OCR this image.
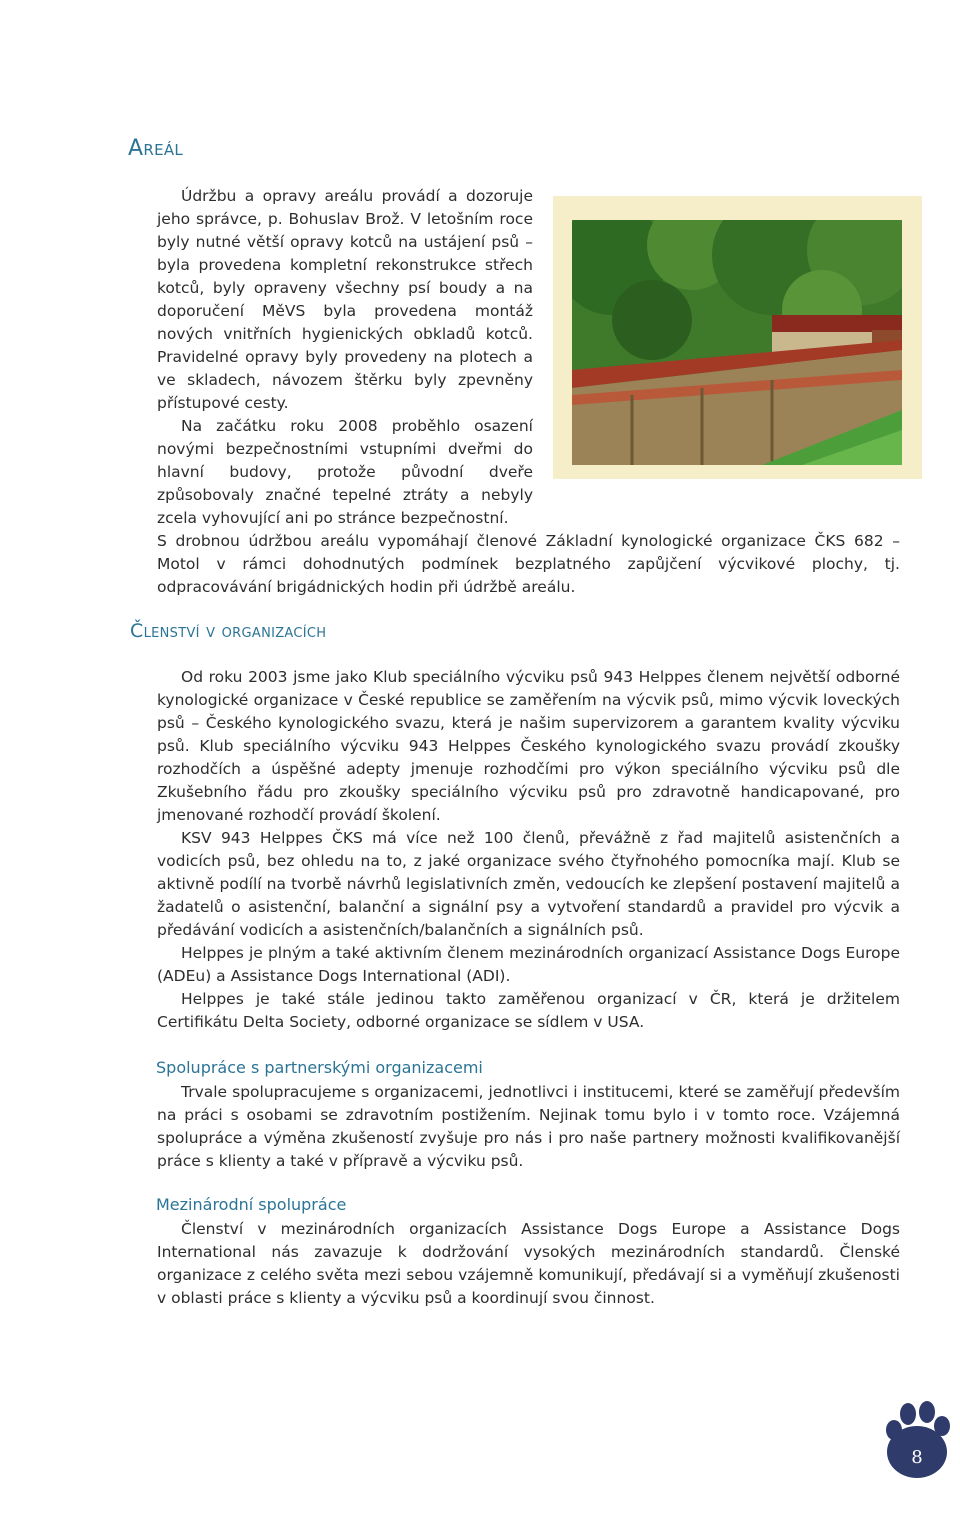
Areál

Údržbu a opravy areálu provádí a dozoruje jeho správce, p. Bohuslav Brož. V letošním roce byly nutné větší opravy kotců na ustájení psů – byla provedena kompletní rekonstrukce střech kotců, byly opraveny všechny psí boudy a na doporučení MěVS byla provedena montáž nových vnitřních hygienických obkladů kotců. Pravidelné opravy byly provedeny na plotech a ve skladech, návozem štěrku byly zpevněny přístupové cesty.

Na začátku roku 2008 proběhlo osazení novými bezpečnostními vstupními dveřmi do hlavní budovy, protože původní dveře způsobovaly značné tepelné ztráty a nebyly zcela vyhovující ani po stránce bezpečnostní.

S drobnou údržbou areálu vypomáhají členové Základní kynologické organizace ČKS 682 – Motol v rámci dohodnutých podmínek bezplatného zapůjčení výcvikové plochy, tj. odpracovávání brigádnických hodin při údržbě areálu.

Členství v organizacích

Od roku 2003 jsme jako Klub speciálního výcviku psů 943 Helppes členem největší odborné kynologické organizace v České republice se zaměřením na výcvik psů, mimo výcvik loveckých psů – Českého kynologického svazu, která je našim supervizorem a garantem kvality výcviku psů. Klub speciálního výcviku 943 Helppes Českého kynologického svazu provádí zkoušky rozhodčích a úspěšné adepty jmenuje rozhodčími pro výkon speciálního výcviku psů dle Zkušebního řádu pro zkoušky speciálního výcviku psů pro zdravotně handicapované, pro jmenované rozhodčí provádí školení.

KSV 943 Helppes ČKS má více než 100 členů, převážně z řad majitelů asistenčních a vodicích psů, bez ohledu na to, z jaké organizace svého čtyřnohého pomocníka mají. Klub se aktivně podílí na tvorbě návrhů legislativních změn, vedoucích ke zlepšení postavení majitelů a žadatelů o asistenční, balanční a signální psy a vytvoření standardů a pravidel pro výcvik a předávání vodicích a asistenčních/balančních a signálních psů.

Helppes je plným a také aktivním členem mezinárodních organizací Assistance Dogs Europe (ADEu) a Assistance Dogs International (ADI).

Helppes je také stále jedinou takto zaměřenou organizací v ČR, která je držitelem Certifikátu Delta Society, odborné organizace se sídlem v USA.

Spolupráce s partnerskými organizacemi

Trvale spolupracujeme s organizacemi, jednotlivci i institucemi, které se zaměřují především na práci s osobami se zdravotním postižením. Nejinak tomu bylo i v tomto roce. Vzájemná spolupráce a výměna zkušeností zvyšuje pro nás i pro naše partnery možnosti kvalifikovanější práce s klienty a také v přípravě a výcviku psů.

Mezinárodní spolupráce

Členství v mezinárodních organizacích Assistance Dogs Europe a Assistance Dogs International nás zavazuje k dodržování vysokých mezinárodních standardů. Členské organizace z celého světa mezi sebou vzájemně komunikují, předávají si a vyměňují zkušenosti v oblasti práce s klienty a výcviku psů a koordinují svou činnost.

8
